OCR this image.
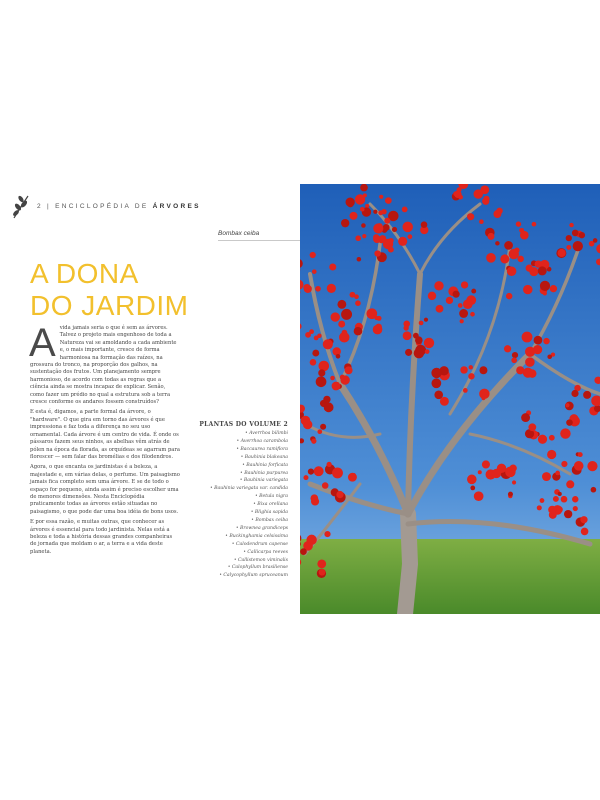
2 | ENCICLOPÉDIA DE ÁRVORES
Bombax ceiba
A DONA
DO JARDIM

Avida jamais seria o que é sem as árvores. Talvez o projeto mais engenhoso de toda a Natureza vai se amoldando a cada ambiente e, o mais importante, cresce de forma harmoniosa na formação das raízes, na grossura do tronco, na proporção dos galhos, na sustentação dos frutos. Um planejamento sempre harmonioso, de acordo com todas as regras que a ciência ainda se mostra incapaz de explicar. Senão, como fazer um prédio no qual a estrutura sob a terra cresce conforme os andares fossem construídos?

E esta é, digamos, a parte formal da árvore, o "hardware". O que gira em torno das árvores é que impressiona e faz toda a diferença no seu uso ornamental. Cada árvore é um centro de vida. É onde os pássaros fazem seus ninhos, as abelhas vêm atrás de pólen na época da florada, as orquídeas se agarram para florescer — sem falar das bromélias e dos filodendros.

Agora, o que encanta os jardinistas é a beleza, a majestade e, em várias delas, o perfume. Um paisagismo jamais fica completo sem uma árvore. E se de todo o espaço for pequeno, ainda assim é preciso escolher uma de menores dimensões. Nesta Enciclopédia praticamente todas as árvores estão situadas no paisagismo, o que pode dar uma boa idéia de bons usos.

E por essa razão, e muitas outras, que conhecer as árvores é essencial para todo jardinista. Nelas está a beleza e toda a história dessas grandes companheiras de jornada que moldam o ar, a terra e a vida deste planeta.

PLANTAS DO VOLUME 2
• Averrhoa bilimbi
• Averrhoa carambola
• Baccaurea ramiflora
• Bauhinia blakeana
• Bauhinia forficata
• Bauhinia purpurea
• Bauhinia variegata
• Bauhinia variegata var. candida
• Betula nigra
• Bixa orellana
• Blighia sapida
• Bombax ceiba
• Brownea grandiceps
• Buckinghamia celsissima
• Calodendrum capense
• Callicarpa reeves
• Callistemon viminalis
• Calophyllum brasiliense
• Calycophyllum spruceanum
